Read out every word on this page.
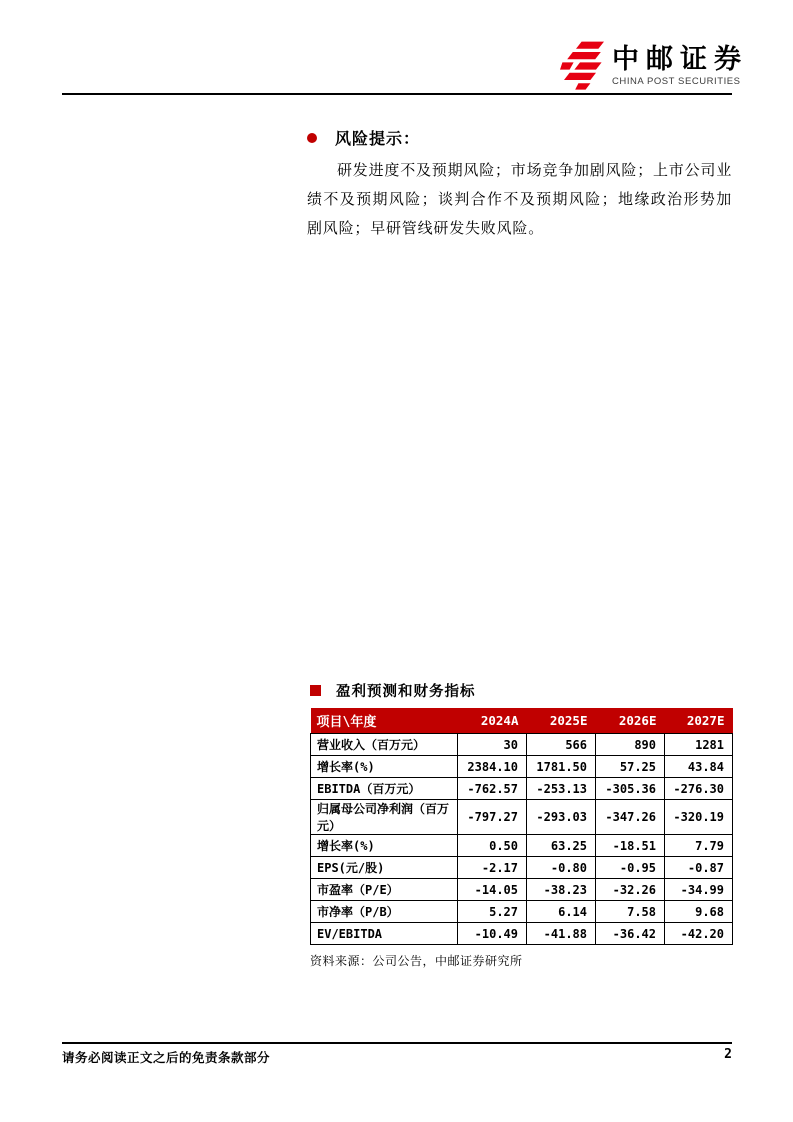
中邮证券
CHINA POST SECURITIES
风险提示：

研发进度不及预期风险；市场竞争加剧风险；上市公司业绩不及预期风险；谈判合作不及预期风险；地缘政治形势加剧风险；早研管线研发失败风险。

盈利预测和财务指标
项目\年度	2024A	2025E	2026E	2027E
营业收入（百万元）	30	566	890	1281
增长率(%)	2384.10	1781.50	57.25	43.84
EBITDA（百万元）	-762.57	-253.13	-305.36	-276.30
归属母公司净利润（百万元）	-797.27	-293.03	-347.26	-320.19
增长率(%)	0.50	63.25	-18.51	7.79
EPS(元/股)	-2.17	-0.80	-0.95	-0.87
市盈率（P/E）	-14.05	-38.23	-32.26	-34.99
市净率（P/B）	5.27	6.14	7.58	9.68
EV/EBITDA	-10.49	-41.88	-36.42	-42.20
资料来源：公司公告，中邮证券研究所
请务必阅读正文之后的免责条款部分	2
